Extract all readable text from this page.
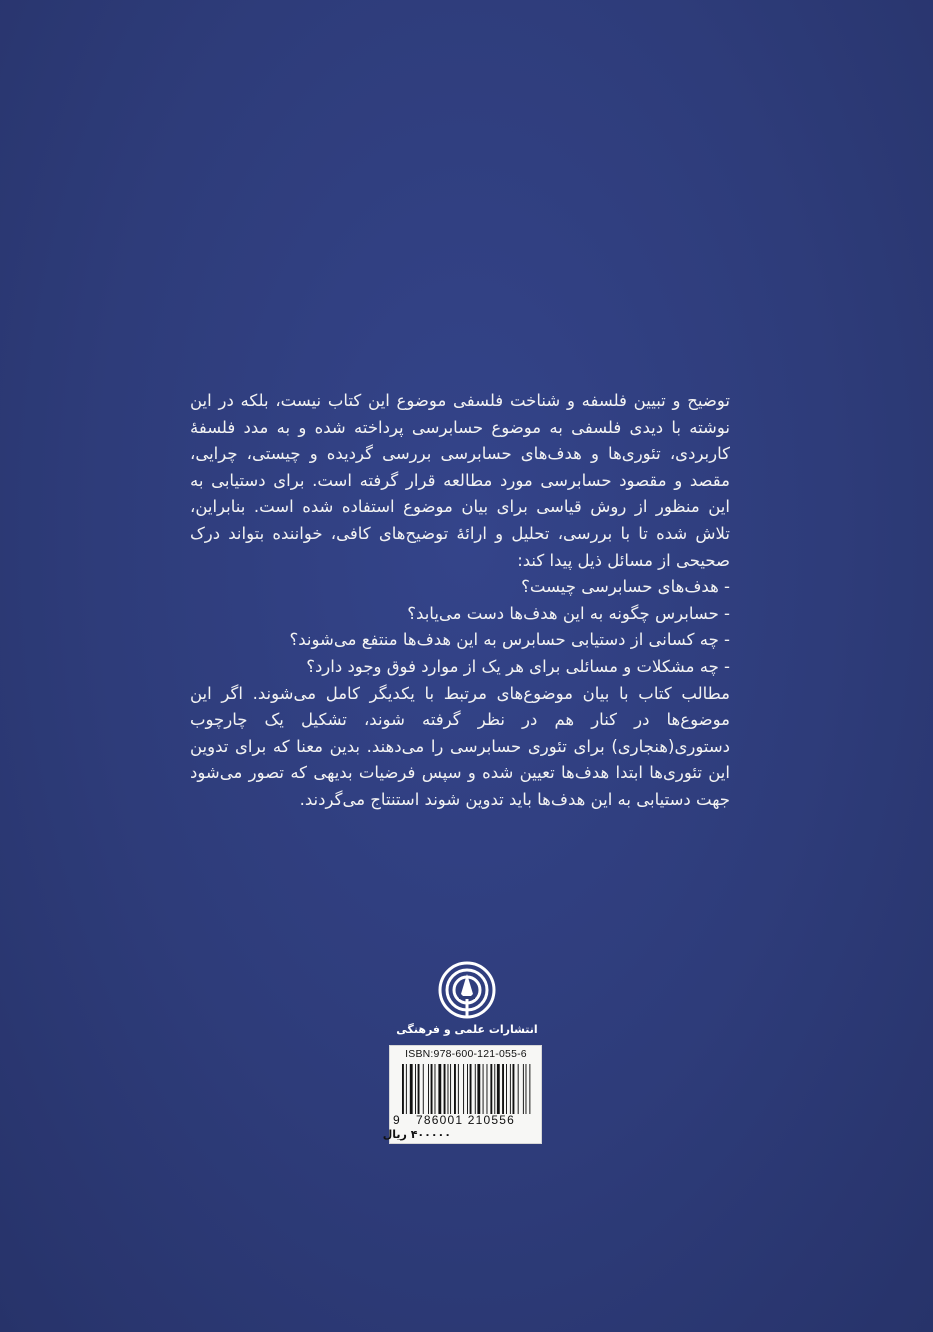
توضیح و تبیین فلسفه و شناخت فلسفی موضوع این کتاب نیست، بلکه در این نوشته با دیدی فلسفی به موضوع حسابرسی پرداخته شده و به مدد فلسفهٔ کاربردی، تئوری‌ها و هدف‌های حسابرسی بررسی گردیده و چیستی، چرایی، مقصد و مقصود حسابرسی مورد مطالعه قرار گرفته است. برای دستیابی به این منظور از روش قیاسی برای بیان موضوع استفاده شده است. بنابراین، تلاش شده تا با بررسی، تحلیل و ارائهٔ توضیح‌های کافی، خواننده بتواند درک صحیحی از مسائل ذیل پیدا کند:

- هدف‌های حسابرسی چیست؟
- حسابرس چگونه به این هدف‌ها دست می‌یابد؟
- چه کسانی از دستیابی حسابرس به این هدف‌ها منتفع می‌شوند؟
- چه مشکلات و مسائلی برای هر یک از موارد فوق وجود دارد؟

مطالب کتاب با بیان موضوع‌های مرتبط با یکدیگر کامل می‌شوند. اگر این موضوع‌ها در کنار هم در نظر گرفته شوند، تشکیل یک چارچوب دستوری(هنجاری) برای تئوری حسابرسی را می‌دهند. بدین معنا که برای تدوین این تئوری‌ها ابتدا هدف‌ها تعیین شده و سپس فرضیات بدیهی که تصور می‌شود جهت دستیابی به این هدف‌ها باید تدوین شوند استنتاج می‌گردند.

انتشارات علمی و فرهنگی
ISBN:978-600-121-055-6
9 786001 210556
۴۰۰۰۰۰ ریال
